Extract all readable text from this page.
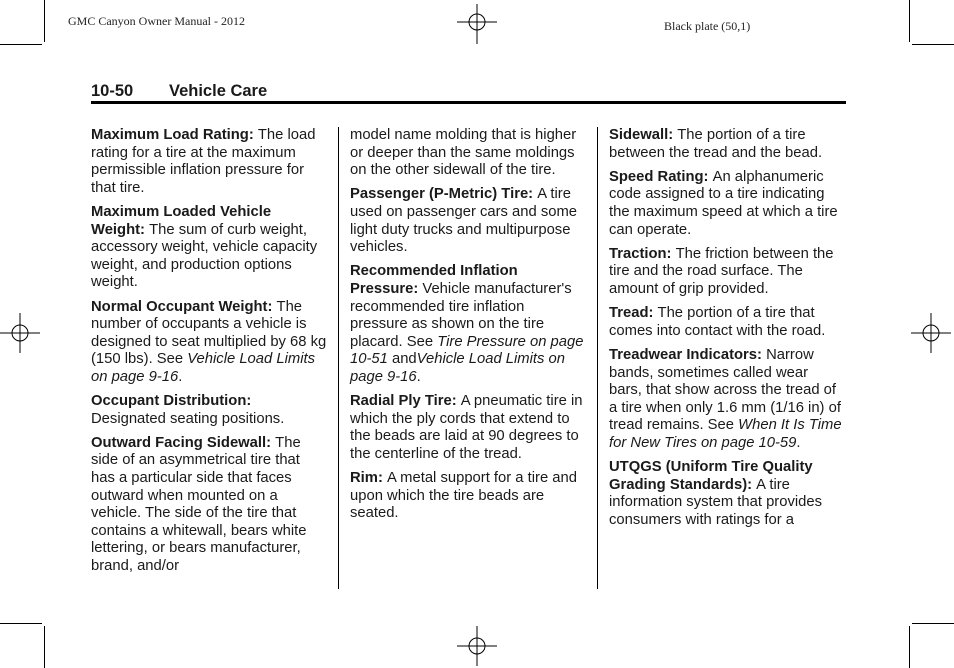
GMC Canyon Owner Manual - 2012	Black plate (50,1)
10-50 Vehicle Care

Maximum Load Rating: The load rating for a tire at the maximum permissible inflation pressure for that tire.

Maximum Loaded Vehicle Weight: The sum of curb weight, accessory weight, vehicle capacity weight, and production options weight.

Normal Occupant Weight: The number of occupants a vehicle is designed to seat multiplied by 68 kg (150 lbs). See Vehicle Load Limits on page 9-16.

Occupant Distribution: Designated seating positions.

Outward Facing Sidewall: The side of an asymmetrical tire that has a particular side that faces outward when mounted on a vehicle. The side of the tire that contains a whitewall, bears white lettering, or bears manufacturer, brand, and/or

model name molding that is higher or deeper than the same moldings on the other sidewall of the tire.

Passenger (P-Metric) Tire: A tire used on passenger cars and some light duty trucks and multipurpose vehicles.

Recommended Inflation Pressure: Vehicle manufacturer's recommended tire inflation pressure as shown on the tire placard. See Tire Pressure on page 10-51 andVehicle Load Limits on page 9-16.

Radial Ply Tire: A pneumatic tire in which the ply cords that extend to the beads are laid at 90 degrees to the centerline of the tread.

Rim: A metal support for a tire and upon which the tire beads are seated.

Sidewall: The portion of a tire between the tread and the bead.

Speed Rating: An alphanumeric code assigned to a tire indicating the maximum speed at which a tire can operate.

Traction: The friction between the tire and the road surface. The amount of grip provided.

Tread: The portion of a tire that comes into contact with the road.

Treadwear Indicators: Narrow bands, sometimes called wear bars, that show across the tread of a tire when only 1.6 mm (1/16 in) of tread remains. See When It Is Time for New Tires on page 10-59.

UTQGS (Uniform Tire Quality Grading Standards): A tire information system that provides consumers with ratings for a
